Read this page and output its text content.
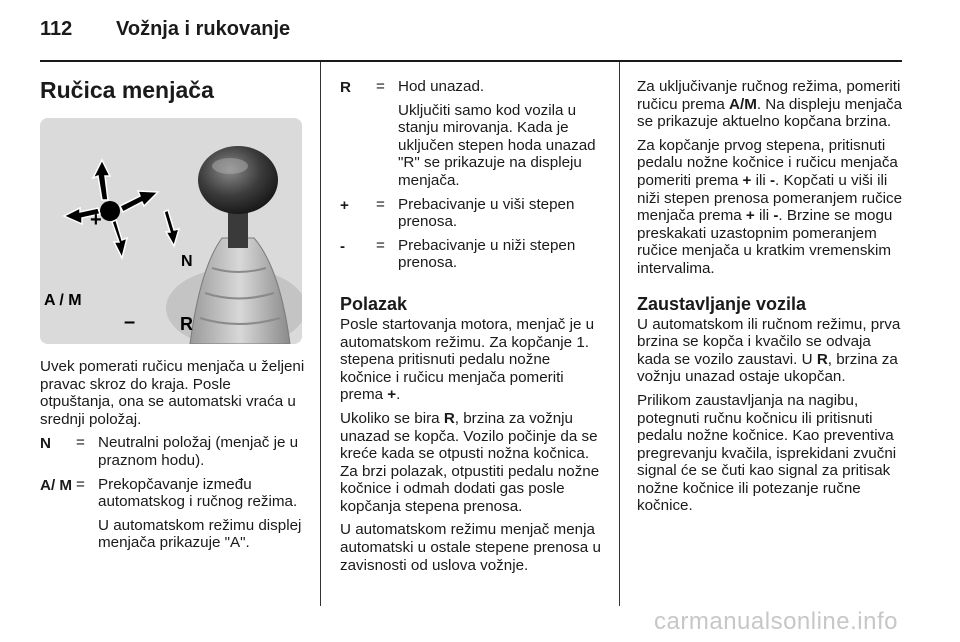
112 Vožnja i rukovanje
Ručica menjača
+
N
A / M
– R

Uvek pomerati ručicu menjača u željeni pravac skroz do kraja. Posle otpuštanja, ona se automatski vraća u srednji položaj.

N	=	Neutralni položaj (menjač je u praznom hodu).

A/ M	=	Prekopčavanje između automatskog i ručnog režima.

U automatskom režimu displej menjača prikazuje "A".

R	=	Hod unazad.

Uključiti samo kod vozila u stanju mirovanja. Kada je uključen stepen hoda unazad "R" se prikazuje na displeju menjača.

+	=	Prebacivanje u viši stepen prenosa.

-	=	Prebacivanje u niži stepen prenosa.

Polazak

Posle startovanja motora, menjač je u automatskom režimu. Za kopčanje 1. stepena pritisnuti pedalu nožne kočnice i ručicu menjača pomeriti prema +.

Ukoliko se bira R, brzina za vožnju unazad se kopča. Vozilo počinje da se kreće kada se otpusti nožna kočnica. Za brzi polazak, otpustiti pedalu nožne kočnice i odmah dodati gas posle kopčanja stepena prenosa.

U automatskom režimu menjač menja automatski u ostale stepene prenosa u zavisnosti od uslova vožnje.

Za uključivanje ručnog režima, pomeriti ručicu prema A/M. Na displeju menjača se prikazuje aktuelno kopčana brzina.

Za kopčanje prvog stepena, pritisnuti pedalu nožne kočnice i ručicu menjača pomeriti prema + ili -. Kopčati u viši ili niži stepen prenosa pomeranjem ručice menjača prema + ili -. Brzine se mogu preskakati uzastopnim pomeranjem ručice menjača u kratkim vremenskim intervalima.

Zaustavljanje vozila

U automatskom ili ručnom režimu, prva brzina se kopča i kvačilo se odvaja kada se vozilo zaustavi. U R, brzina za vožnju unazad ostaje ukopčan.

Prilikom zaustavljanja na nagibu, potegnuti ručnu kočnicu ili pritisnuti pedalu nožne kočnice. Kao preventiva pregrevanju kvačila, isprekidani zvučni signal će se čuti kao signal za pritisak nožne kočnice ili potezanje ručne kočnice.

carmanualsonline.info
